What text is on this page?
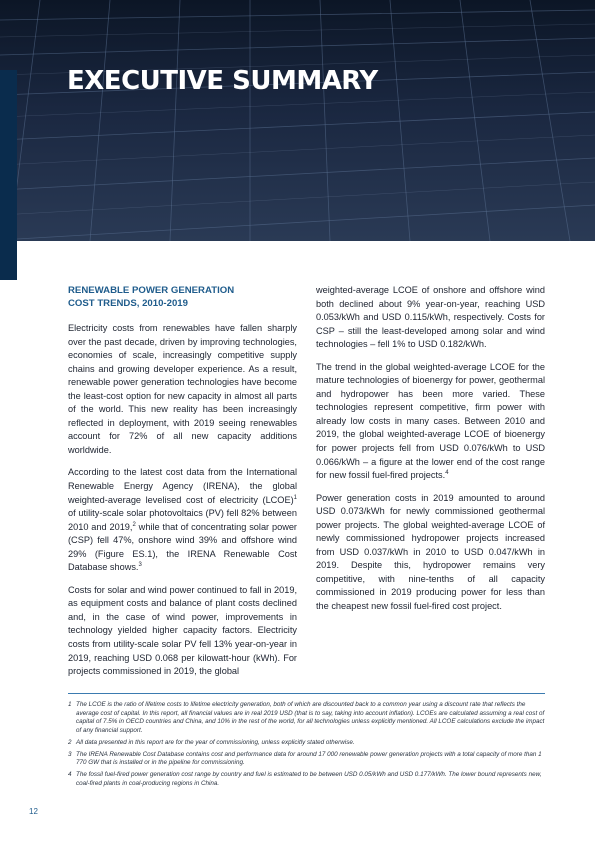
EXECUTIVE SUMMARY
RENEWABLE POWER GENERATION
COST TRENDS, 2010-2019

Electricity costs from renewables have fallen sharply over the past decade, driven by improving technologies, economies of scale, increasingly competitive supply chains and growing developer experience. As a result, renewable power generation technologies have become the least-cost option for new capacity in almost all parts of the world. This new reality has been increasingly reflected in deployment, with 2019 seeing renewables account for 72% of all new capacity additions worldwide.

According to the latest cost data from the International Renewable Energy Agency (IRENA), the global weighted-average levelised cost of electricity (LCOE)$^1$ of utility-scale solar photovoltaics (PV) fell 82% between 2010 and 2019,$^2$ while that of concentrating solar power (CSP) fell 47%, onshore wind 39% and offshore wind 29% (Figure ES.1), the IRENA Renewable Cost Database shows.$^3$

Costs for solar and wind power continued to fall in 2019, as equipment costs and balance of plant costs declined and, in the case of wind power, improvements in technology yielded higher capacity factors. Electricity costs from utility-scale solar PV fell 13% year-on-year in 2019, reaching USD 0.068 per kilowatt-hour (kWh). For projects commissioned in 2019, the global

weighted-average LCOE of onshore and offshore wind both declined about 9% year-on-year, reaching USD 0.053/kWh and USD 0.115/kWh, respectively. Costs for CSP – still the least-developed among solar and wind technologies – fell 1% to USD 0.182/kWh.

The trend in the global weighted-average LCOE for the mature technologies of bioenergy for power, geothermal and hydropower has been more varied. These technologies represent competitive, firm power with already low costs in many cases. Between 2010 and 2019, the global weighted-average LCOE of bioenergy for power projects fell from USD 0.076/kWh to USD 0.066/kWh – a figure at the lower end of the cost range for new fossil fuel-fired projects.$^4$

Power generation costs in 2019 amounted to around USD 0.073/kWh for newly commissioned geothermal power projects. The global weighted-average LCOE of newly commissioned hydropower projects increased from USD 0.037/kWh in 2010 to USD 0.047/kWh in 2019. Despite this, hydropower remains very competitive, with nine-tenths of all capacity commissioned in 2019 producing power for less than the cheapest new fossil fuel-fired cost project.

1 The LCOE is the ratio of lifetime costs to lifetime electricity generation, both of which are discounted back to a common year using a discount rate that reflects the average cost of capital. In this report, all financial values are in real 2019 USD (that is to say, taking into account inflation). LCOEs are calculated assuming a real cost of capital of 7.5% in OECD countries and China, and 10% in the rest of the world, for all technologies unless explicitly mentioned. All LCOE calculations exclude the impact of any financial support.

2 All data presented in this report are for the year of commissioning, unless explicitly stated otherwise.

3 The IRENA Renewable Cost Database contains cost and performance data for around 17 000 renewable power generation projects with a total capacity of more than 1 770 GW that is installed or in the pipeline for commissioning.

4 The fossil fuel-fired power generation cost range by country and fuel is estimated to be between USD 0.05/kWh and USD 0.177/kWh. The lower bound represents new, coal-fired plants in coal-producing regions in China.

12
